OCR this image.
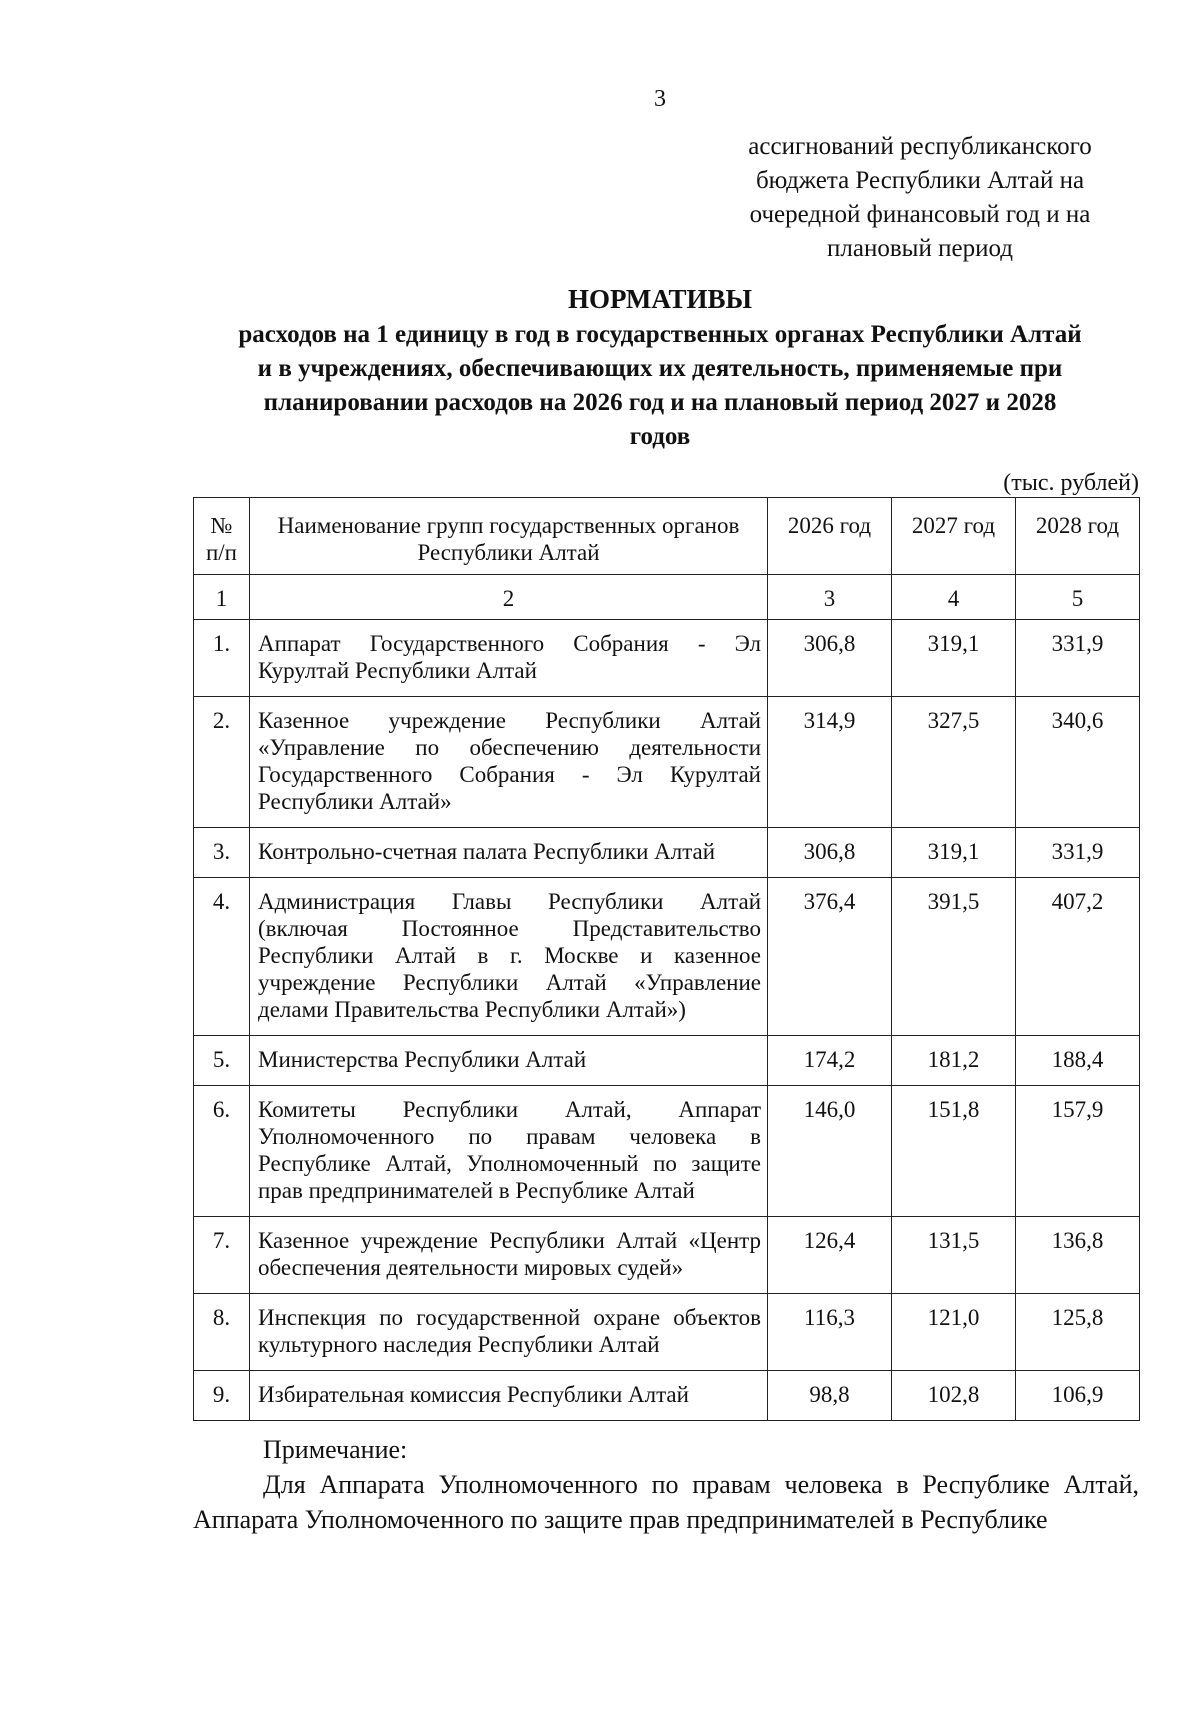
3
ассигнований республиканского
бюджета Республики Алтай на
очередной финансовый год и на
плановый период
НОРМАТИВЫ
расходов на 1 единицу в год в государственных органах Республики Алтай
и в учреждениях, обеспечивающих их деятельность, применяемые при
планировании расходов на 2026 год и на плановый период 2027 и 2028
годов
(тыс. рублей)
№ п/п	Наименование групп государственных органов Республики Алтай	2026 год	2027 год	2028 год
1	2	3	4	5
1.	Аппарат Государственного Собрания - Эл Курултай Республики Алтай	306,8	319,1	331,9
2.	Казенное учреждение Республики Алтай «Управление по обеспечению деятельности Государственного Собрания - Эл Курултай Республики Алтай»	314,9	327,5	340,6
3.	Контрольно-счетная палата Республики Алтай	306,8	319,1	331,9
4.	Администрация Главы Республики Алтай (включая Постоянное Представительство Республики Алтай в г. Москве и казенное учреждение Республики Алтай «Управление делами Правительства Республики Алтай»)	376,4	391,5	407,2
5.	Министерства Республики Алтай	174,2	181,2	188,4
6.	Комитеты Республики Алтай, Аппарат Уполномоченного по правам человека в Республике Алтай, Уполномоченный по защите прав предпринимателей в Республике Алтай	146,0	151,8	157,9
7.	Казенное учреждение Республики Алтай «Центр обеспечения деятельности мировых судей»	126,4	131,5	136,8
8.	Инспекция по государственной охране объектов культурного наследия Республики Алтай	116,3	121,0	125,8
9.	Избирательная комиссия Республики Алтай	98,8	102,8	106,9
Примечание:
Для Аппарата Уполномоченного по правам человека в Республике Алтай, Аппарата Уполномоченного по защите прав предпринимателей в Республике
